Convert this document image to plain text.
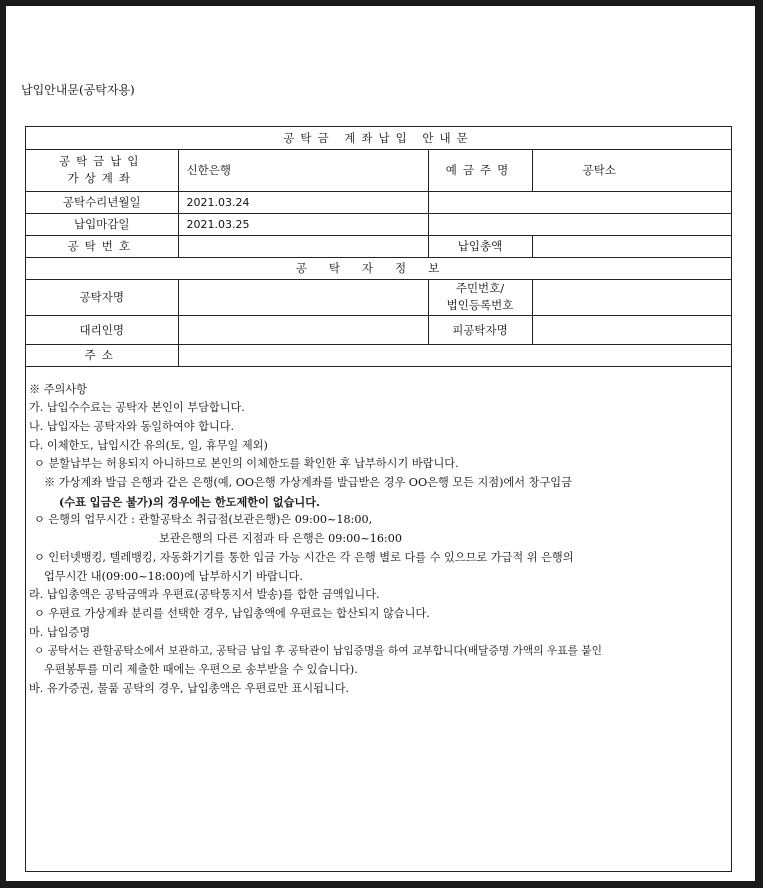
납입안내문(공탁자용)
공탁금 계좌납입 안내문			

공탁금납입
가상계좌	신한은행	예금주명	공탁소
공탁수리년월일	2021.03.24		
납입마감일	2021.03.25		
공탁번호		납입총액	
공탁자정보			
공탁자명		주민번호/
법인등록번호	

대리인명		피공탁자명	
주소			
※ 주의사항
가. 납입수수료는 공탁자 본인이 부담합니다.
나. 납입자는 공탁자와 동일하여야 합니다.
다. 이체한도, 납입시간 유의(토, 일, 휴무일 제외)
ㅇ 분할납부는 허용되지 아니하므로 본인의 이체한도를 확인한 후 납부하시기 바랍니다.
※ 가상계좌 발급 은행과 같은 은행(예, OO은행 가상계좌를 발급받은 경우 OO은행 모든 지점)에서 창구입금
(수표 입금은 불가)의 경우에는 한도제한이 없습니다.
ㅇ 은행의 업무시간 : 관할공탁소 취급점(보관은행)은 09:00~18:00,
보관은행의 다른 지점과 타 은행은 09:00~16:00
ㅇ 인터넷뱅킹, 텔레뱅킹, 자동화기기를 통한 입금 가능 시간은 각 은행 별로 다를 수 있으므로 가급적 위 은행의
업무시간 내(09:00~18:00)에 납부하시기 바랍니다.
라. 납입총액은 공탁금액과 우편료(공탁통지서 발송)를 합한 금액입니다.
ㅇ 우편료 가상계좌 분리를 선택한 경우, 납입총액에 우편료는 합산되지 않습니다.
마. 납입증명
ㅇ 공탁서는 관할공탁소에서 보관하고, 공탁금 납입 후 공탁관이 납입증명을 하여 교부합니다(배달증명 가액의 우표를 붙인
우편봉투를 미리 제출한 때에는 우편으로 송부받을 수 있습니다).
바. 유가증권, 물품 공탁의 경우, 납입총액은 우편료만 표시됩니다.
